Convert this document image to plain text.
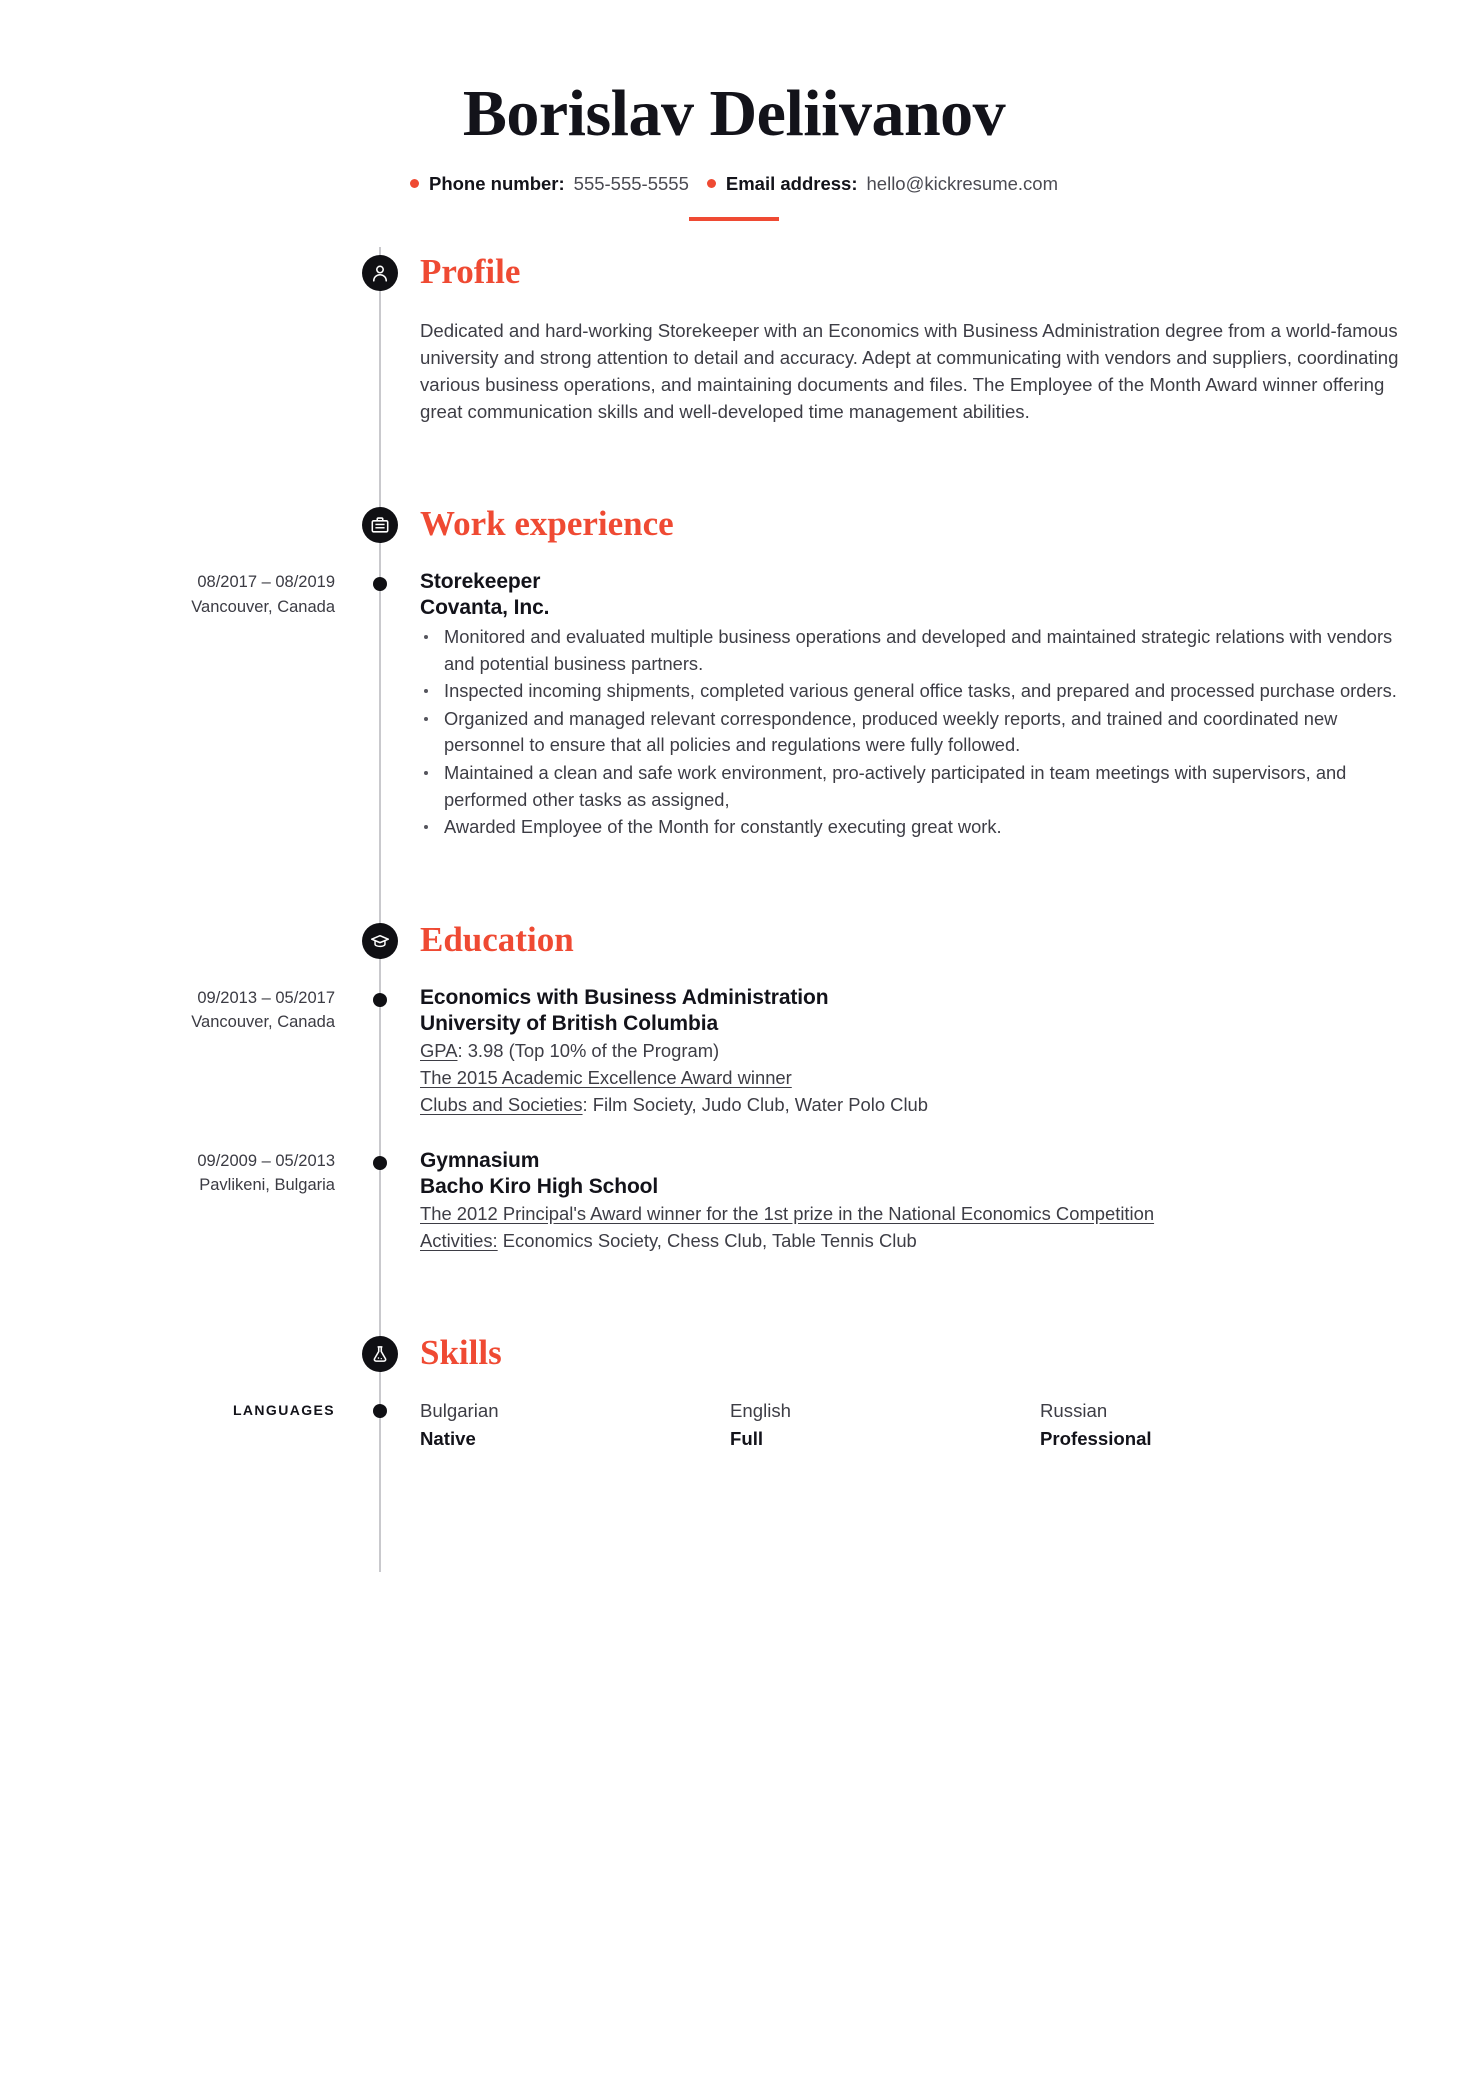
Borislav Deliivanov
Phone number: 555-555-5555 Email address: hello@kickresume.com
Profile
Dedicated and hard-working Storekeeper with an Economics with Business Administration degree from a world-famous university and strong attention to detail and accuracy. Adept at communicating with vendors and suppliers, coordinating various business operations, and maintaining documents and files. The Employee of the Month Award winner offering great communication skills and well-developed time management abilities.
Work experience
08/2017 – 08/2019
Vancouver, Canada
Storekeeper
Covanta, Inc.
Monitored and evaluated multiple business operations and developed and maintained strategic relations with vendors and potential business partners.
Inspected incoming shipments, completed various general office tasks, and prepared and processed purchase orders.
Organized and managed relevant correspondence, produced weekly reports, and trained and coordinated new personnel to ensure that all policies and regulations were fully followed.
Maintained a clean and safe work environment, pro-actively participated in team meetings with supervisors, and performed other tasks as assigned,
Awarded Employee of the Month for constantly executing great work.
Education
09/2013 – 05/2017
Vancouver, Canada
Economics with Business Administration
University of British Columbia
GPA: 3.98 (Top 10% of the Program)
The 2015 Academic Excellence Award winner
Clubs and Societies: Film Society, Judo Club, Water Polo Club
09/2009 – 05/2013
Pavlikeni, Bulgaria
Gymnasium
Bacho Kiro High School
The 2012 Principal's Award winner for the 1st prize in the National Economics Competition
Activities: Economics Society, Chess Club, Table Tennis Club
Skills
LANGUAGES	Bulgarian
Native
English
Full
Russian
Professional
